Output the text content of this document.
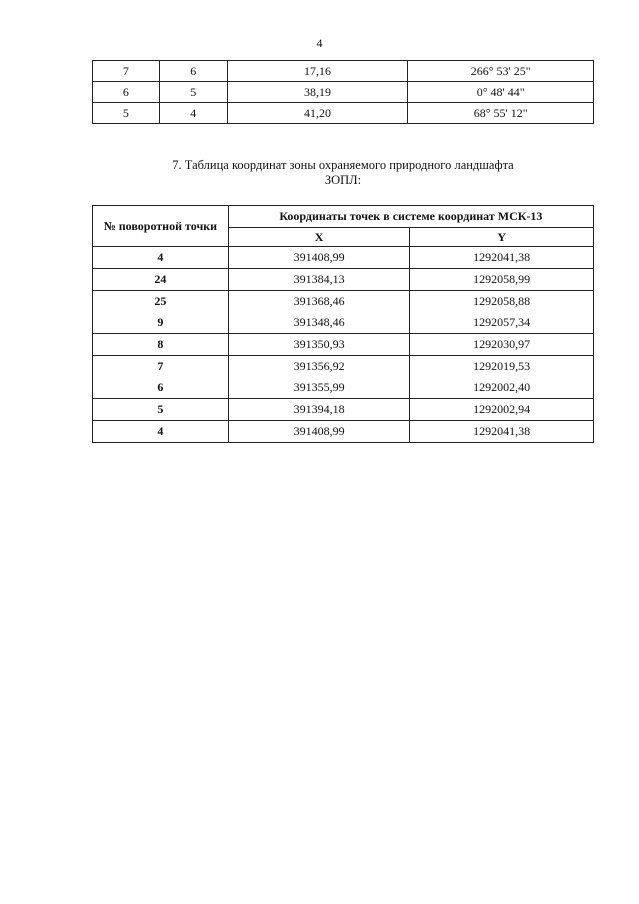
4
7	6	17,16	266° 53' 25"
6	5	38,19	0° 48' 44"
5	4	41,20	68° 55' 12"
7. Таблица координат зоны охраняемого природного ландшафта
ЗОПЛ:
№ поворотной точки	Координаты точек в системе координат МСК-13	
	X	Y
4	391408,99	1292041,38
24	391384,13	1292058,99
25	391368,46	1292058,88
9	391348,46	1292057,34
8	391350,93	1292030,97
7	391356,92	1292019,53
6	391355,99	1292002,40
5	391394,18	1292002,94
4	391408,99	1292041,38
